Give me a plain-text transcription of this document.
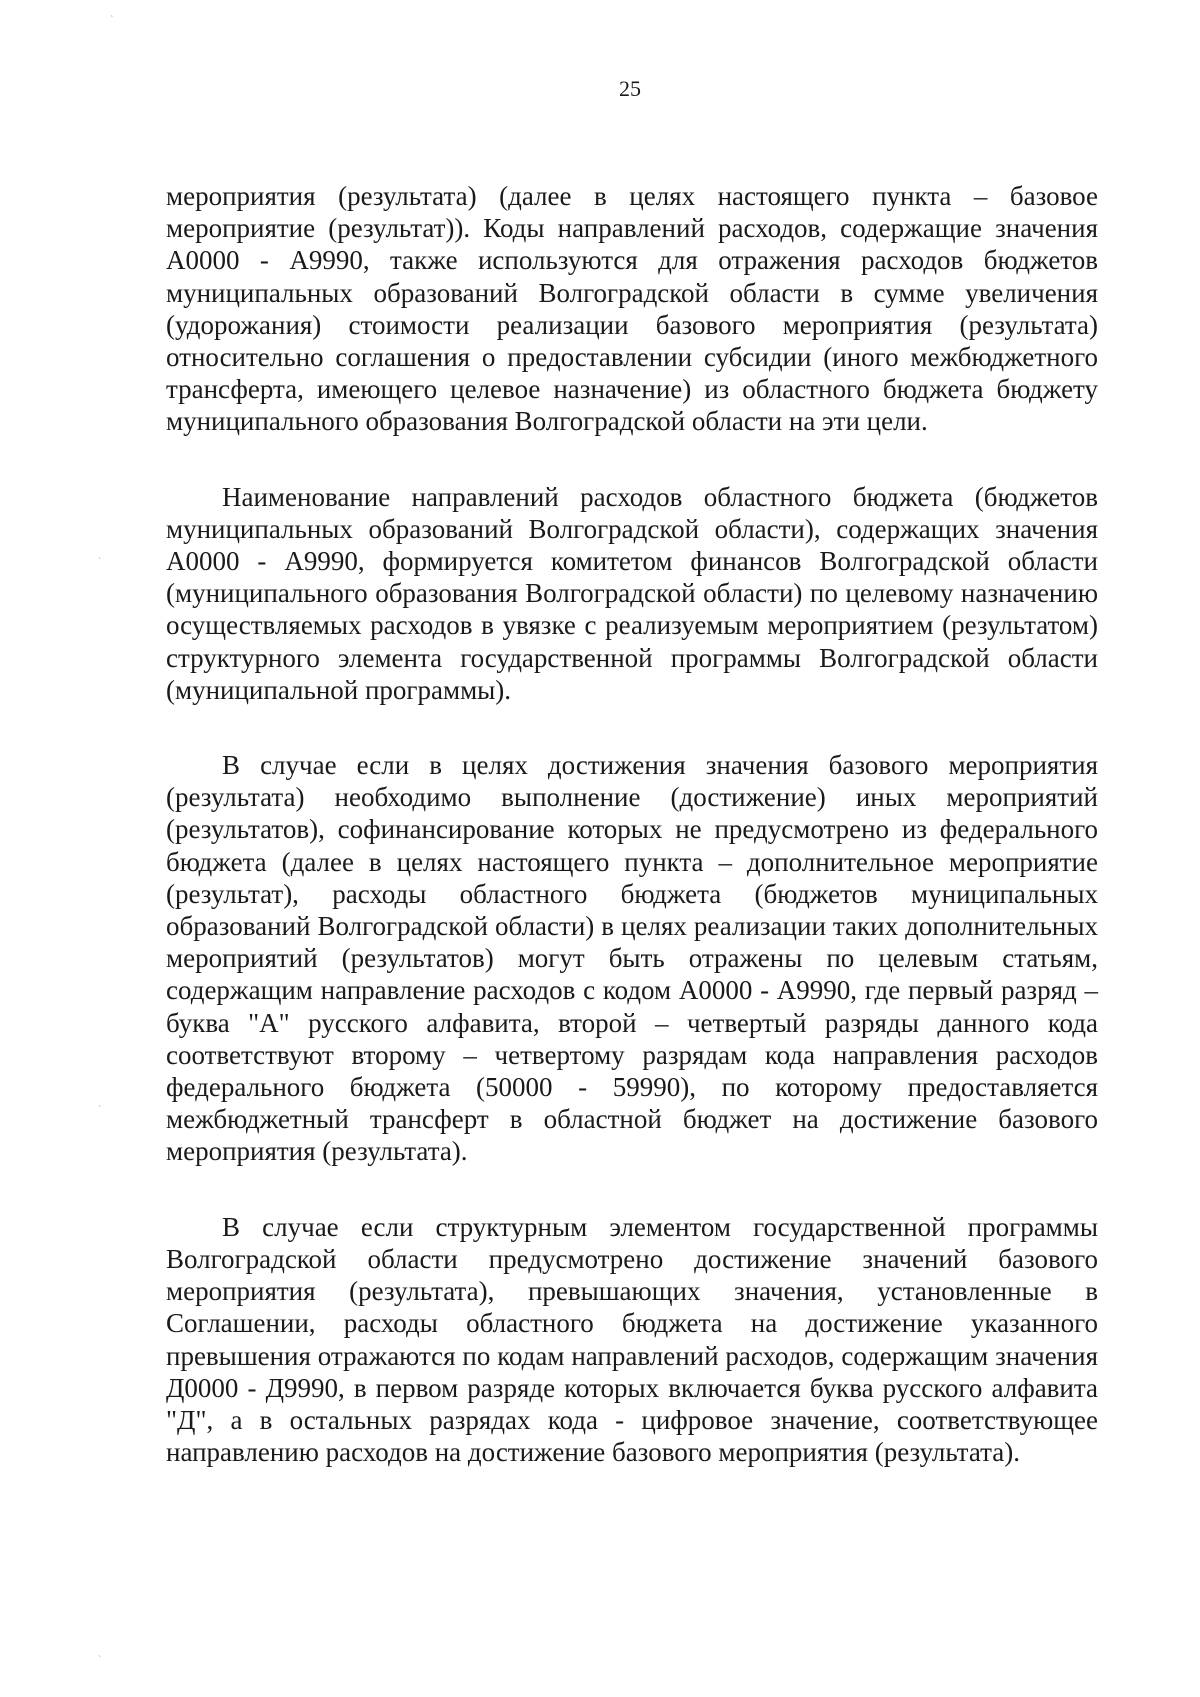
25

мероприятия (результата) (далее в целях настоящего пункта – базовое мероприятие (результат)). Коды направлений расходов, содержащие значения А0000 - А9990, также используются для отражения расходов бюджетов муниципальных образований Волгоградской области в сумме увеличения (удорожания) стоимости реализации базового мероприятия (результата) относительно соглашения о предоставлении субсидии (иного межбюджетного трансферта, имеющего целевое назначение) из областного бюджета бюджету муниципального образования Волгоградской области на эти цели.

Наименование направлений расходов областного бюджета (бюджетов муниципальных образований Волгоградской области), содержащих значения А0000 - А9990, формируется комитетом финансов Волгоградской области (муниципального образования Волгоградской области) по целевому назначению осуществляемых расходов в увязке с реализуемым мероприятием (результатом) структурного элемента государственной программы Волгоградской области (муниципальной программы).

В случае если в целях достижения значения базового мероприятия (результата) необходимо выполнение (достижение) иных мероприятий (результатов), софинансирование которых не предусмотрено из федерального бюджета (далее в целях настоящего пункта – дополнительное мероприятие (результат), расходы областного бюджета (бюджетов муниципальных образований Волгоградской области) в целях реализации таких дополнительных мероприятий (результатов) могут быть отражены по целевым статьям, содержащим направление расходов с кодом А0000 - А9990, где первый разряд – буква "А" русского алфавита, второй – четвертый разряды данного кода соответствуют второму – четвертому разрядам кода направления расходов федерального бюджета (50000 - 59990), по которому предоставляется межбюджетный трансферт в областной бюджет на достижение базового мероприятия (результата).

В случае если структурным элементом государственной программы Волгоградской области предусмотрено достижение значений базового мероприятия (результата), превышающих значения, установленные в Соглашении, расходы областного бюджета на достижение указанного превышения отражаются по кодам направлений расходов, содержащим значения Д0000 - Д9990, в первом разряде которых включается буква русского алфавита "Д", а в остальных разрядах кода - цифровое значение, соответствующее направлению расходов на достижение базового мероприятия (результата).

ˋ
ˋ
ˋ
ˋ
